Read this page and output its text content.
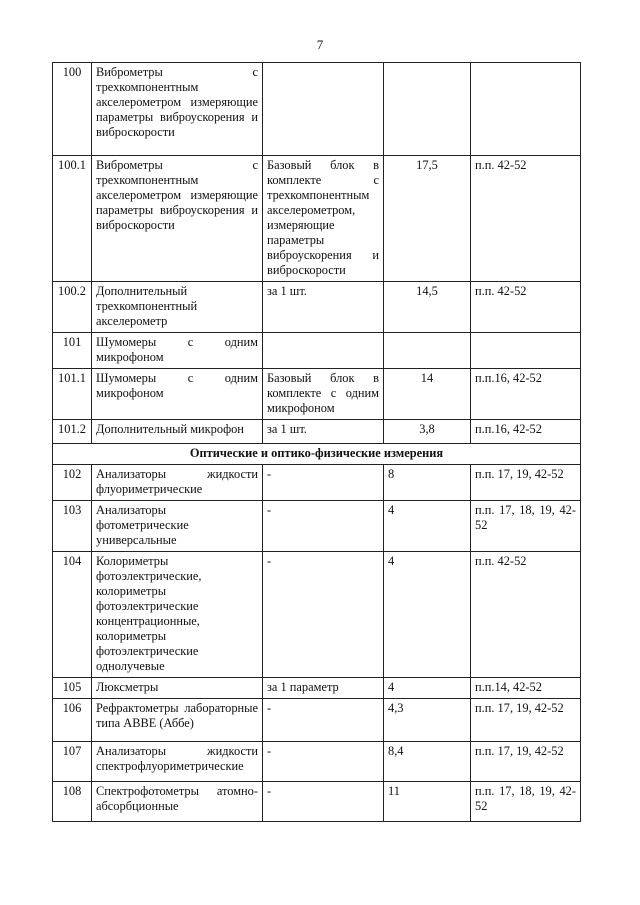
7
100	Виброметры с трехкомпонентным акселерометром измеряющие параметры виброускорения и виброскорости			
100.1	Виброметры с трехкомпонентным акселерометром измеряющие параметры виброускорения и виброскорости	Базовый блок в комплекте с трехкомпонентным акселерометром, измеряющие параметры виброускорения и виброскорости	17,5	п.п. 42-52
100.2	Дополнительный трехкомпонентный акселерометр	за 1 шт.	14,5	п.п. 42-52
101	Шумомеры с одним микрофоном			
101.1	Шумомеры с одним микрофоном	Базовый блок в комплекте с одним микрофоном	14	п.п.16, 42-52
101.2	Дополнительный микрофон	за 1 шт.	3,8	п.п.16, 42-52
Оптические и оптико-физические измерения				
102	Анализаторы жидкости флуориметрические	-	8	п.п. 17, 19, 42-52
103	Анализаторы фотометрические универсальные	-	4	п.п. 17, 18, 19, 42-52
104	Колориметры фотоэлектрические, колориметры фотоэлектрические концентрационные, колориметры фотоэлектрические однолучевые	-	4	п.п. 42-52
105	Люксметры	за 1 параметр	4	п.п.14, 42-52
106	Рефрактометры лабораторные типа ABBE (Аббе)	-	4,3	п.п. 17, 19, 42-52
107	Анализаторы жидкости спектрофлуориметрические	-	8,4	п.п. 17, 19, 42-52
108	Спектрофотометры атомно-абсорбционные	-	11	п.п. 17, 18, 19, 42-52
